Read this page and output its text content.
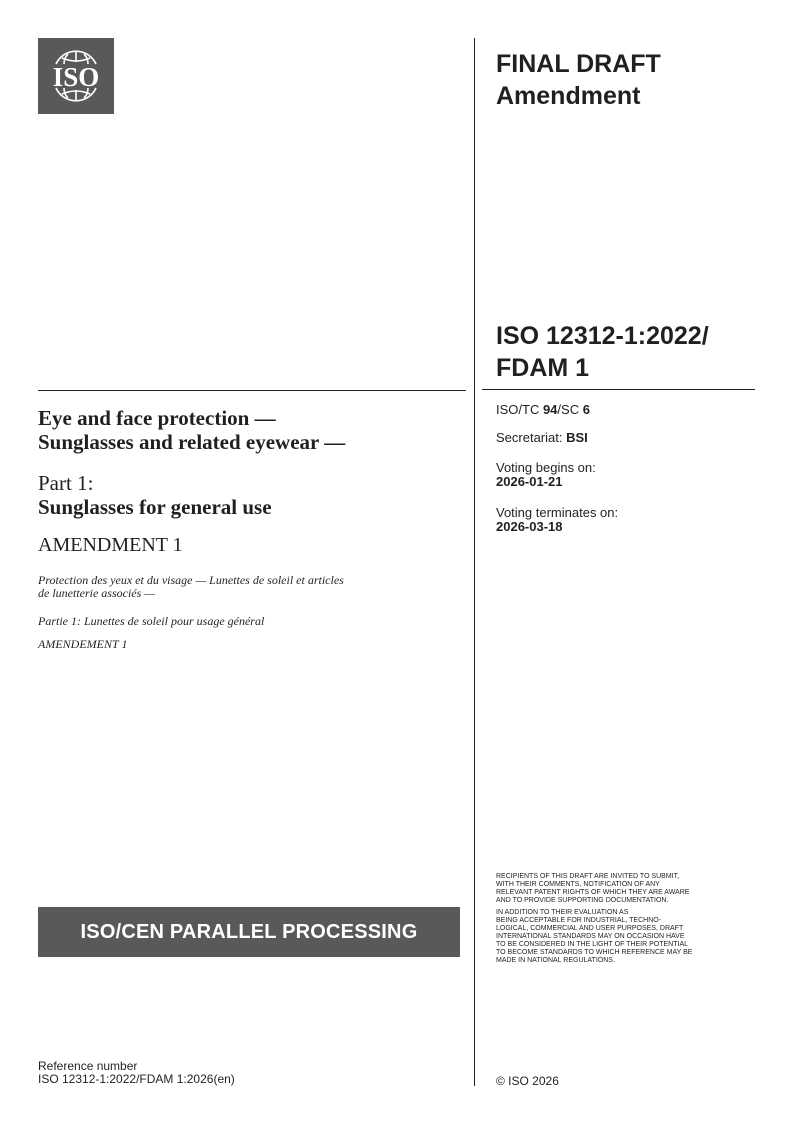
ISO	FINAL DRAFT
Amendment
ISO 12312-1:2022/
FDAM 1
Eye and face protection —
Sunglasses and related eyewear —
Part 1:
Sunglasses for general use
AMENDMENT 1
Protection des yeux et du visage — Lunettes de soleil et articles
de lunetterie associés —
Partie 1: Lunettes de soleil pour usage général
AMENDEMENT 1
ISO/TC 94/SC 6
Secretariat: BSI
Voting begins on:
2026-01-21
Voting terminates on:
2026-03-18
ISO/CEN PARALLEL PROCESSING
RECIPIENTS OF THIS DRAFT ARE INVITED TO SUBMIT,
WITH THEIR COMMENTS, NOTIFICATION OF ANY
RELEVANT PATENT RIGHTS OF WHICH THEY ARE AWARE
AND TO PROVIDE SUPPORTING DOCUMENTATION.
IN ADDITION TO THEIR EVALUATION AS
BEING ACCEPTABLE FOR INDUSTRIAL, TECHNO-
LOGICAL, COMMERCIAL AND USER PURPOSES, DRAFT
INTERNATIONAL STANDARDS MAY ON OCCASION HAVE
TO BE CONSIDERED IN THE LIGHT OF THEIR POTENTIAL
TO BECOME STANDARDS TO WHICH REFERENCE MAY BE
MADE IN NATIONAL REGULATIONS.
Reference number
ISO 12312-1:2022/FDAM 1:2026(en)	© ISO 2026
